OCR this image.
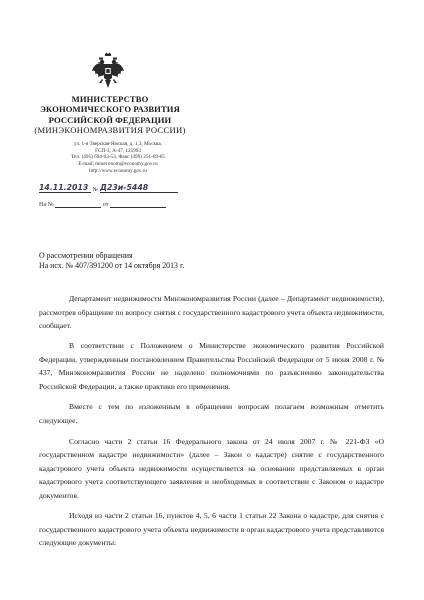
МИНИСТЕРСТВО
ЭКОНОМИЧЕСКОГО РАЗВИТИЯ
РОССИЙСКОЙ ФЕДЕРАЦИИ
(МИНЭКОНОМРАЗВИТИЯ РОССИИ)
ул. 1-я Тверская-Ямская, д. 1,3, Москва,
ГСП-3, А-47, 125993
Тел. (495) 694-03-53, Факс (499) 251-69-65
E-mail: mineconom@economy.gov.ru
http://www.economy.gov.ru
14.11.2013 № Д23и-5448
На №	от
О рассмотрении обращения
На исх. № 407/391200 от 14 октября 2013 г.

Департамент недвижимости Минэкономразвития России (далее – Департамент недвижимости), рассмотрев обращение по вопросу снятия с государственного кадастрового учета объекта недвижимости, сообщает.

В соответствии с Положением о Министерстве экономического развития Российской Федерации, утвержденным постановлением Правительства Российской Федерации от 5 июня 2008 г. № 437, Минэкономразвития России не наделено полномочиями по разъяснению законодательства Российской Федерации, а также практики его применения.

Вместе с тем по изложенным в обращении вопросам полагаем возможным отметить следующее.

Согласно части 2 статьи 16 Федерального закона от 24 июля 2007 г. № 221-ФЗ «О государственном кадастре недвижимости» (далее – Закон о кадастре) снятие с государственного кадастрового учета объекта недвижимости осуществляется на основании представляемых в орган кадастрового учета соответствующего заявления и необходимых в соответствии с Законом о кадастре документов.

Исходя из части 2 статьи 16, пунктов 4, 5, 6 части 1 статьи 22 Закона о кадастре, для снятия с государственного кадастрового учета объекта недвижимости в орган кадастрового учета представляются следующие документы:
